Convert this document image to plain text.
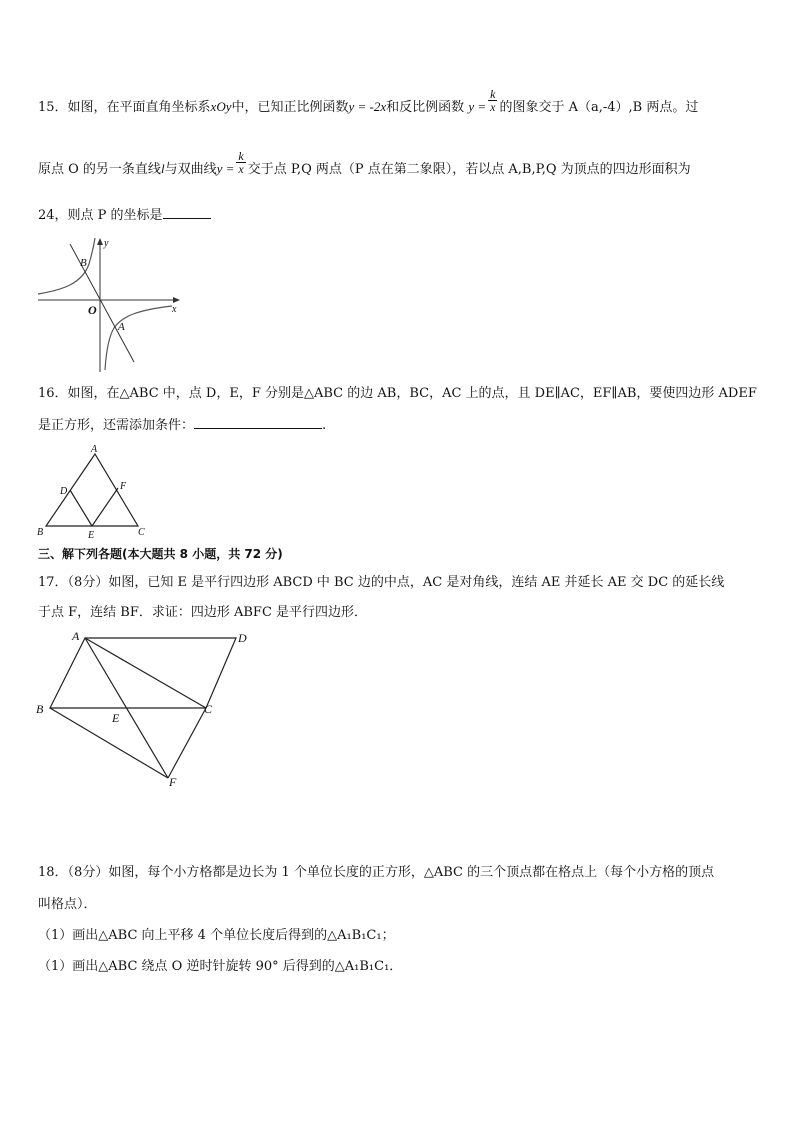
15．如图，在平面直角坐标系xOy中，已知正比例函数y = -2x和反比例函数 $y = \frac{k}{x}$ 的图象交于 A（a,-4）,B 两点。过
原点 O 的另一条直线l与双曲线$y = \frac{k}{x}$ 交于点 P,Q 两点（P 点在第二象限），若以点 A,B,P,Q 为顶点的四边形面积为
24，则点 P 的坐标是
y
x
O
B
A
16．如图，在△ABC 中，点 D，E，F 分别是△ABC 的边 AB，BC，AC 上的点，且 DE∥AC，EF∥AB，要使四边形 ADEF
是正方形，还需添加条件：	.
A
B	C
D
E
F
三、解下列各题(本大题共 8 小题，共 72 分)
17．（8分）如图，已知 E 是平行四边形 ABCD 中 BC 边的中点，AC 是对角线，连结 AE 并延长 AE 交 DC 的延长线
于点 F，连结 BF．求证：四边形 ABFC 是平行四边形．
A	D
B	C
E
F
18．（8分）如图，每个小方格都是边长为 1 个单位长度的正方形，△ABC 的三个顶点都在格点上（每个小方格的顶点
叫格点）．
（1）画出△ABC 向上平移 4 个单位长度后得到的△A₁B₁C₁；
（1）画出△ABC 绕点 O 逆时针旋转 90° 后得到的△A₁B₁C₁．
